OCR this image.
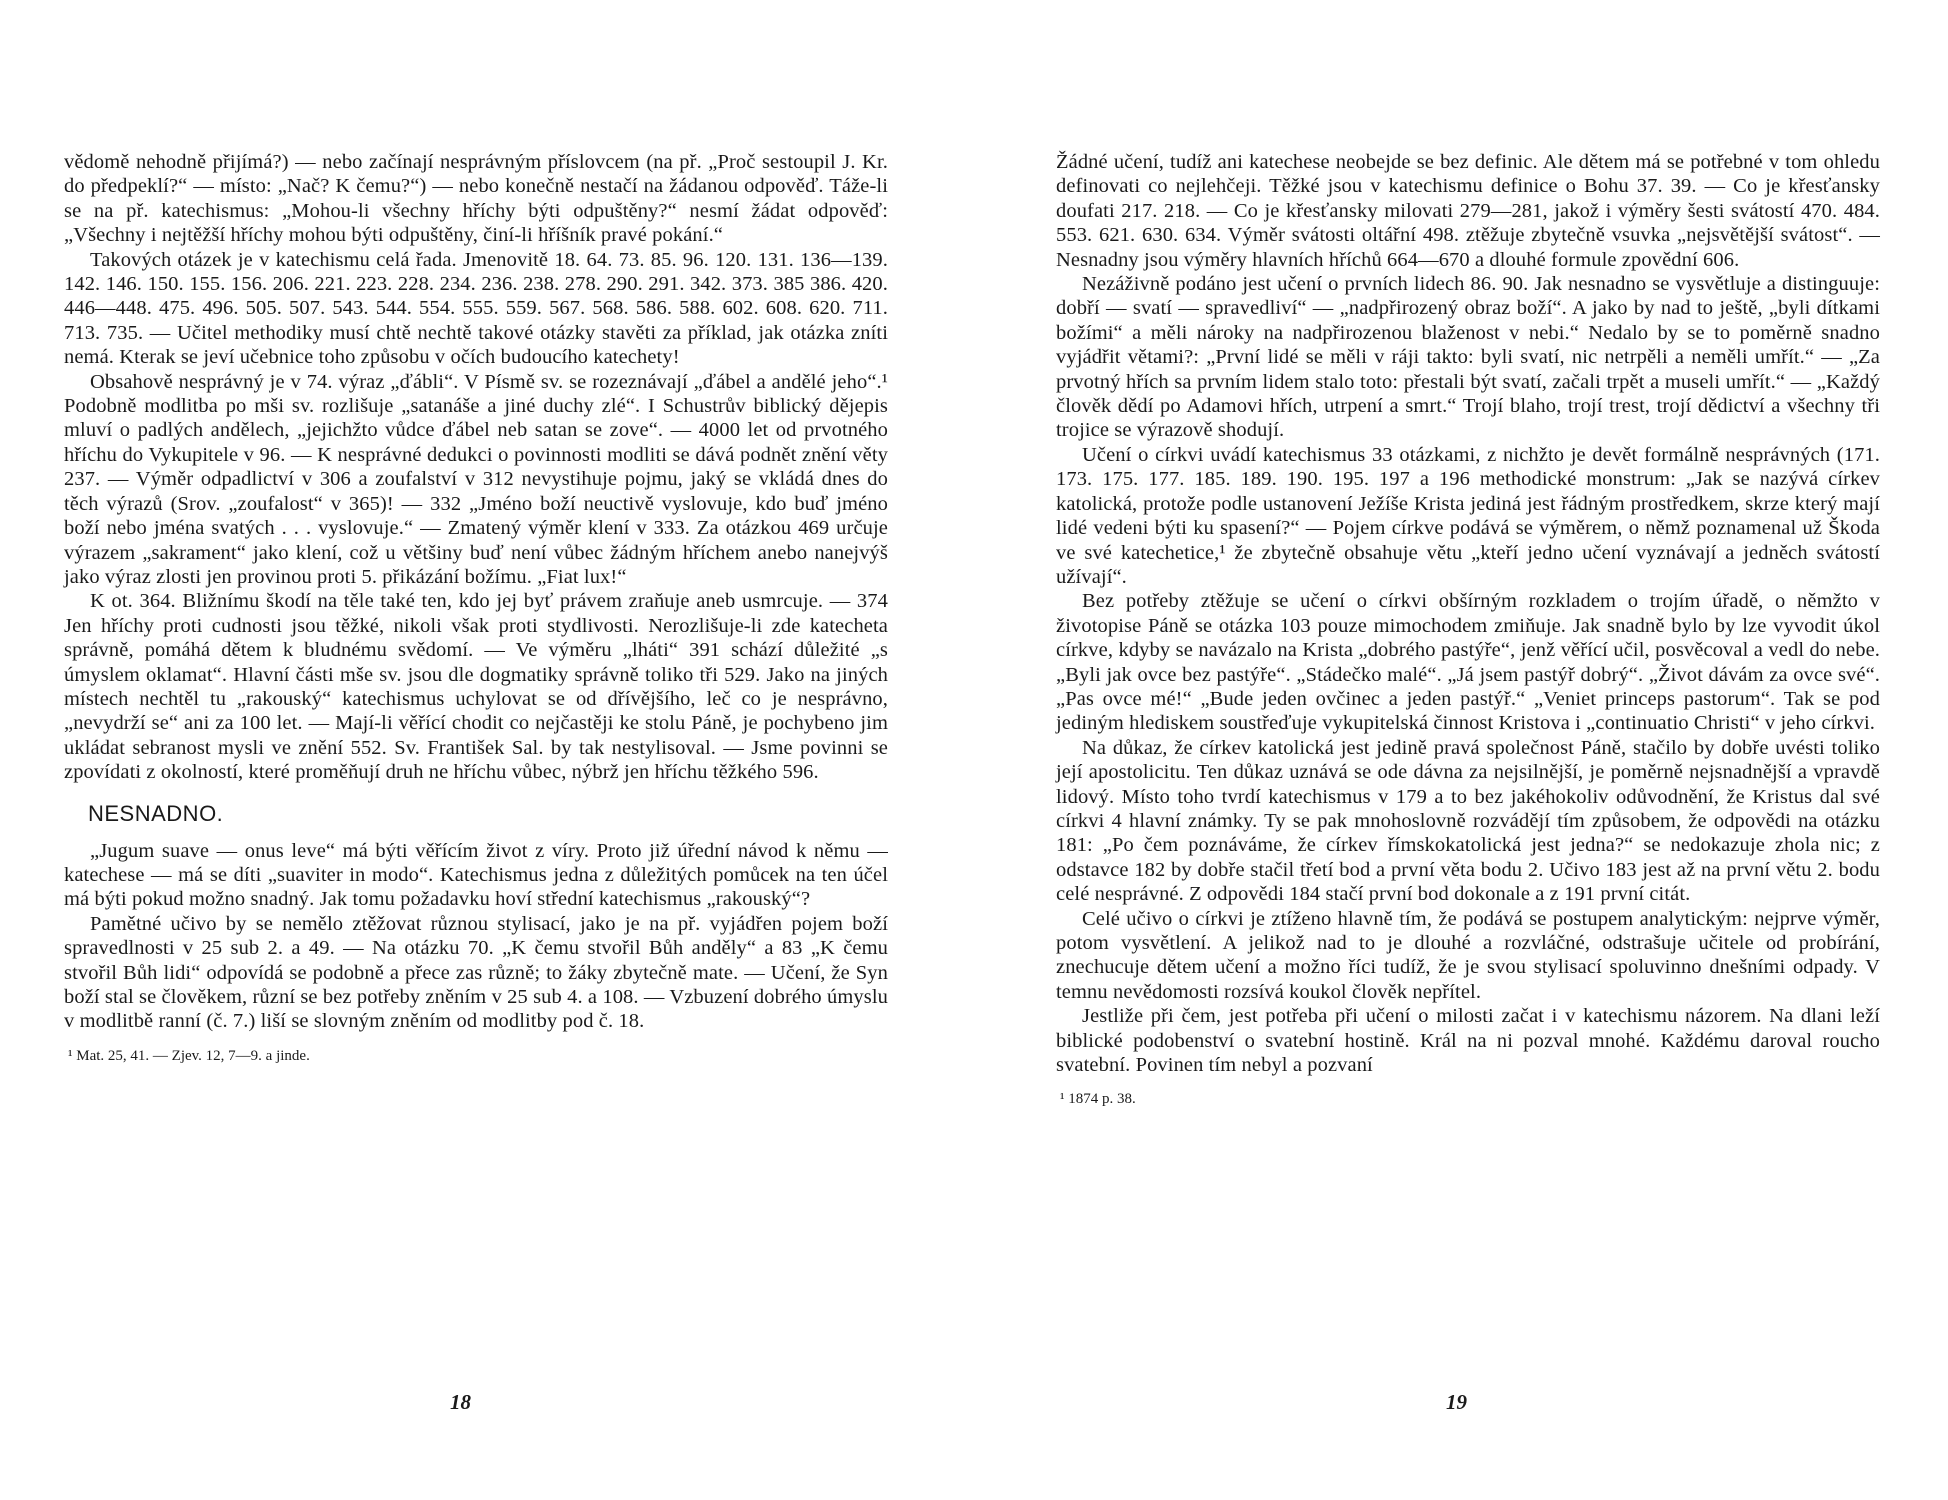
vědomě nehodně přijímá?) — nebo začínají nesprávným příslovcem (na př. „Proč sestoupil J. Kr. do předpeklí?“ — místo: „Nač? K čemu?“) — nebo konečně nestačí na žádanou odpověď. Táže-li se na př. katechismus: „Mohou-li všechny hříchy býti odpuštěny?“ nesmí žádat odpověď: „Všechny i nejtěžší hříchy mohou býti odpuštěny, činí-li hříšník pravé pokání.“

Takových otázek je v katechismu celá řada. Jmenovitě 18. 64. 73. 85. 96. 120. 131. 136—139. 142. 146. 150. 155. 156. 206. 221. 223. 228. 234. 236. 238. 278. 290. 291. 342. 373. 385 386. 420. 446—448. 475. 496. 505. 507. 543. 544. 554. 555. 559. 567. 568. 586. 588. 602. 608. 620. 711. 713. 735. — Učitel methodiky musí chtě nechtě takové otázky stavěti za příklad, jak otázka zníti nemá. Kterak se jeví učebnice toho způsobu v očích budoucího katechety!

Obsahově nesprávný je v 74. výraz „ďábli“. V Písmě sv. se rozeznávají „ďábel a andělé jeho“.¹ Podobně modlitba po mši sv. rozlišuje „satanáše a jiné duchy zlé“. I Schustrův biblický dějepis mluví o padlých andělech, „jejichžto vůdce ďábel neb satan se zove“. — 4000 let od prvotného hříchu do Vykupitele v 96. — K nesprávné dedukci o povinnosti modliti se dává podnět znění věty 237. — Výměr odpadlictví v 306 a zoufalství v 312 nevystihuje pojmu, jaký se vkládá dnes do těch výrazů (Srov. „zoufalost“ v 365)! — 332 „Jméno boží neuctivě vyslovuje, kdo buď jméno boží nebo jména svatých . . . vyslovuje.“ — Zmatený výměr klení v 333. Za otázkou 469 určuje výrazem „sakrament“ jako klení, což u většiny buď není vůbec žádným hříchem anebo nanejvýš jako výraz zlosti jen provinou proti 5. přikázání božímu. „Fiat lux!“

K ot. 364. Bližnímu škodí na těle také ten, kdo jej byť právem zraňuje aneb usmrcuje. — 374 Jen hříchy proti cudnosti jsou těžké, nikoli však proti stydlivosti. Nerozlišuje-li zde katecheta správně, pomáhá dětem k bludnému svědomí. — Ve výměru „lháti“ 391 schází důležité „s úmyslem oklamat“. Hlavní části mše sv. jsou dle dogmatiky správně toliko tři 529. Jako na jiných místech nechtěl tu „rakouský“ katechismus uchylovat se od dřívějšího, leč co je nesprávno, „nevydrží se“ ani za 100 let. — Mají-li věřící chodit co nejčastěji ke stolu Páně, je pochybeno jim ukládat sebranost mysli ve znění 552. Sv. František Sal. by tak nestylisoval. — Jsme povinni se zpovídati z okolností, které proměňují druh ne hříchu vůbec, nýbrž jen hříchu těžkého 596.

NESNADNO.

„Jugum suave — onus leve“ má býti věřícím život z víry. Proto již úřední návod k němu — katechese — má se díti „suaviter in modo“. Katechismus jedna z důležitých pomůcek na ten účel má býti pokud možno snadný. Jak tomu požadavku hoví střední katechismus „rakouský“?

Pamětné učivo by se nemělo ztěžovat různou stylisací, jako je na př. vyjádřen pojem boží spravedlnosti v 25 sub 2. a 49. — Na otázku 70. „K čemu stvořil Bůh anděly“ a 83 „K čemu stvořil Bůh lidi“ odpovídá se podobně a přece zas různě; to žáky zbytečně mate. — Učení, že Syn boží stal se člověkem, různí se bez potřeby zněním v 25 sub 4. a 108. — Vzbuzení dobrého úmyslu v modlitbě ranní (č. 7.) liší se slovným zněním od modlitby pod č. 18.

¹ Mat. 25, 41. — Zjev. 12, 7—9. a jinde.
18

Žádné učení, tudíž ani katechese neobejde se bez definic. Ale dětem má se potřebné v tom ohledu definovati co nejlehčeji. Těžké jsou v katechismu definice o Bohu 37. 39. — Co je křesťansky doufati 217. 218. — Co je křesťansky milovati 279—281, jakož i výměry šesti svátostí 470. 484. 553. 621. 630. 634. Výměr svátosti oltářní 498. ztěžuje zbytečně vsuvka „nejsvětější svátost“. — Nesnadny jsou výměry hlavních hříchů 664—670 a dlouhé formule zpovědní 606.

Nezáživně podáno jest učení o prvních lidech 86. 90. Jak nesnadno se vysvětluje a distinguuje: dobří — svatí — spravedliví“ — „nadpřirozený obraz boží“. A jako by nad to ještě, „byli dítkami božími“ a měli nároky na nadpřirozenou blaženost v nebi.“ Nedalo by se to poměrně snadno vyjádřit větami?: „První lidé se měli v ráji takto: byli svatí, nic netrpěli a neměli umřít.“ — „Za prvotný hřích sa prvním lidem stalo toto: přestali být svatí, začali trpět a museli umřít.“ — „Každý člověk dědí po Adamovi hřích, utrpení a smrt.“ Trojí blaho, trojí trest, trojí dědictví a všechny tři trojice se výrazově shodují.

Učení o církvi uvádí katechismus 33 otázkami, z nichžto je devět formálně nesprávných (171. 173. 175. 177. 185. 189. 190. 195. 197 a 196 methodické monstrum: „Jak se nazývá církev katolická, protože podle ustanovení Ježíše Krista jediná jest řádným prostředkem, skrze který mají lidé vedeni býti ku spasení?“ — Pojem církve podává se výměrem, o němž poznamenal už Škoda ve své katechetice,¹ že zbytečně obsahuje větu „kteří jedno učení vyznávají a jedněch svátostí užívají“.

Bez potřeby ztěžuje se učení o církvi obšírným rozkladem o trojím úřadě, o němžto v životopise Páně se otázka 103 pouze mimochodem zmiňuje. Jak snadně bylo by lze vyvodit úkol církve, kdyby se navázalo na Krista „dobrého pastýře“, jenž věřící učil, posvěcoval a vedl do nebe. „Byli jak ovce bez pastýře“. „Stádečko malé“. „Já jsem pastýř dobrý“. „Život dávám za ovce své“. „Pas ovce mé!“ „Bude jeden ovčinec a jeden pastýř.“ „Veniet princeps pastorum“. Tak se pod jediným hlediskem soustřeďuje vykupitelská činnost Kristova i „continuatio Christi“ v jeho církvi.

Na důkaz, že církev katolická jest jedině pravá společnost Páně, stačilo by dobře uvésti toliko její apostolicitu. Ten důkaz uznává se ode dávna za nejsilnější, je poměrně nejsnadnější a vpravdě lidový. Místo toho tvrdí katechismus v 179 a to bez jakéhokoliv odůvodnění, že Kristus dal své církvi 4 hlavní známky. Ty se pak mnohoslovně rozvádějí tím způsobem, že odpovědi na otázku 181: „Po čem poznáváme, že církev římskokatolická jest jedna?“ se nedokazuje zhola nic; z odstavce 182 by dobře stačil třetí bod a první věta bodu 2. Učivo 183 jest až na první větu 2. bodu celé nesprávné. Z odpovědi 184 stačí první bod dokonale a z 191 první citát.

Celé učivo o církvi je ztíženo hlavně tím, že podává se postupem analytickým: nejprve výměr, potom vysvětlení. A jelikož nad to je dlouhé a rozvláčné, odstrašuje učitele od probírání, znechucuje dětem učení a možno říci tudíž, že je svou stylisací spoluvinno dnešními odpady. V temnu nevědomosti rozsívá koukol člověk nepřítel.

Jestliže při čem, jest potřeba při učení o milosti začat i v katechismu názorem. Na dlani leží biblické podobenství o svatební hostině. Král na ni pozval mnohé. Každému daroval roucho svatební. Povinen tím nebyl a pozvaní

¹ 1874 p. 38.
19
